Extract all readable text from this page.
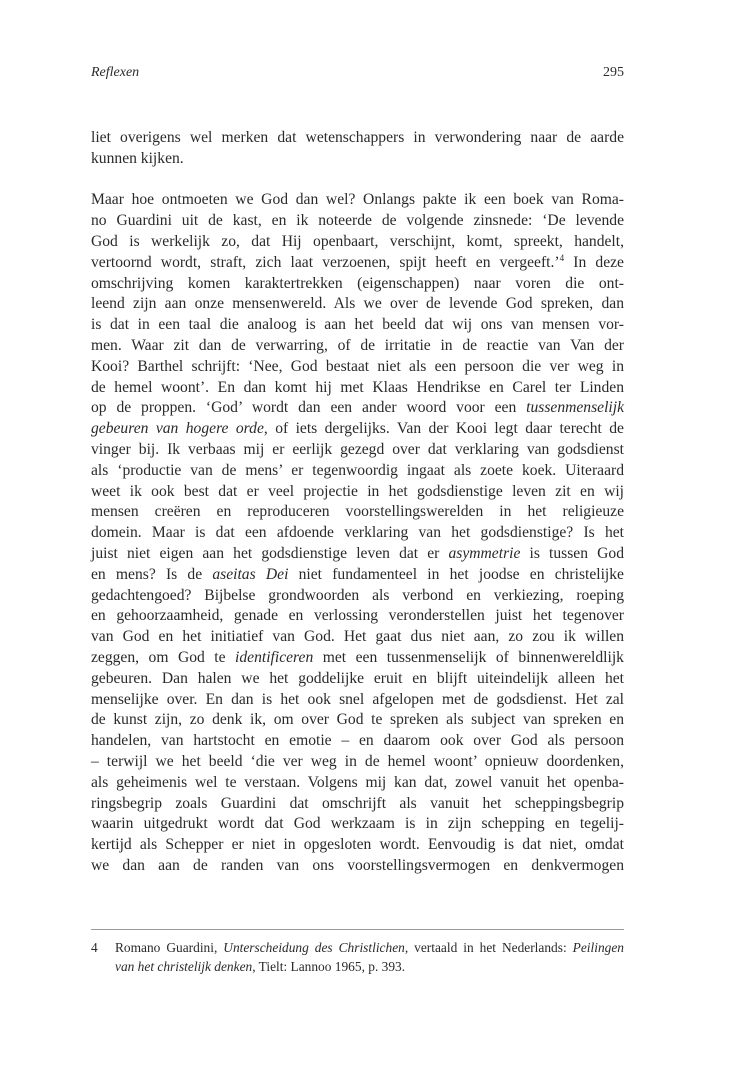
Reflexen	295

liet overigens wel merken dat wetenschappers in verwondering naar de aarde
kunnen kijken.

Maar hoe ontmoeten we God dan wel? Onlangs pakte ik een boek van Roma-
no Guardini uit de kast, en ik noteerde de volgende zinsnede: ‘De levende
God is werkelijk zo, dat Hij openbaart, verschijnt, komt, spreekt, handelt,
vertoornd wordt, straft, zich laat verzoenen, spijt heeft en vergeeft.’$^4$ In deze
omschrijving komen karaktertrekken (eigenschappen) naar voren die ont-
leend zijn aan onze mensenwereld. Als we over de levende God spreken, dan
is dat in een taal die analoog is aan het beeld dat wij ons van mensen vor-
men. Waar zit dan de verwarring, of de irritatie in de reactie van Van der
Kooi? Barthel schrijft: ‘Nee, God bestaat niet als een persoon die ver weg in
de hemel woont’. En dan komt hij met Klaas Hendrikse en Carel ter Linden
op de proppen. ‘God’ wordt dan een ander woord voor een tussenmenselijk
gebeuren van hogere orde, of iets dergelijks. Van der Kooi legt daar terecht de
vinger bij. Ik verbaas mij er eerlijk gezegd over dat verklaring van godsdienst
als ‘productie van de mens’ er tegenwoordig ingaat als zoete koek. Uiteraard
weet ik ook best dat er veel projectie in het godsdienstige leven zit en wij
mensen creëren en reproduceren voorstellingswerelden in het religieuze
domein. Maar is dat een afdoende verklaring van het godsdienstige? Is het
juist niet eigen aan het godsdienstige leven dat er asymmetrie is tussen God
en mens? Is de aseitas Dei niet fundamenteel in het joodse en christelijke
gedachtengoed? Bijbelse grondwoorden als verbond en verkiezing, roeping
en gehoorzaamheid, genade en verlossing veronderstellen juist het tegenover
van God en het initiatief van God. Het gaat dus niet aan, zo zou ik willen
zeggen, om God te identificeren met een tussenmenselijk of binnenwereldlijk
gebeuren. Dan halen we het goddelijke eruit en blijft uiteindelijk alleen het
menselijke over. En dan is het ook snel afgelopen met de godsdienst. Het zal
de kunst zijn, zo denk ik, om over God te spreken als subject van spreken en
handelen, van hartstocht en emotie – en daarom ook over God als persoon
– terwijl we het beeld ‘die ver weg in de hemel woont’ opnieuw doordenken,
als geheimenis wel te verstaan. Volgens mij kan dat, zowel vanuit het openba-
ringsbegrip zoals Guardini dat omschrijft als vanuit het scheppingsbegrip
waarin uitgedrukt wordt dat God werkzaam is in zijn schepping en tegelij-
kertijd als Schepper er niet in opgesloten wordt. Eenvoudig is dat niet, omdat
we dan aan de randen van ons voorstellingsvermogen en denkvermogen

4	Romano Guardini, Unterscheidung des Christlichen, vertaald in het Nederlands: Peilingen
van het christelijk denken, Tielt: Lannoo 1965, p. 393.
